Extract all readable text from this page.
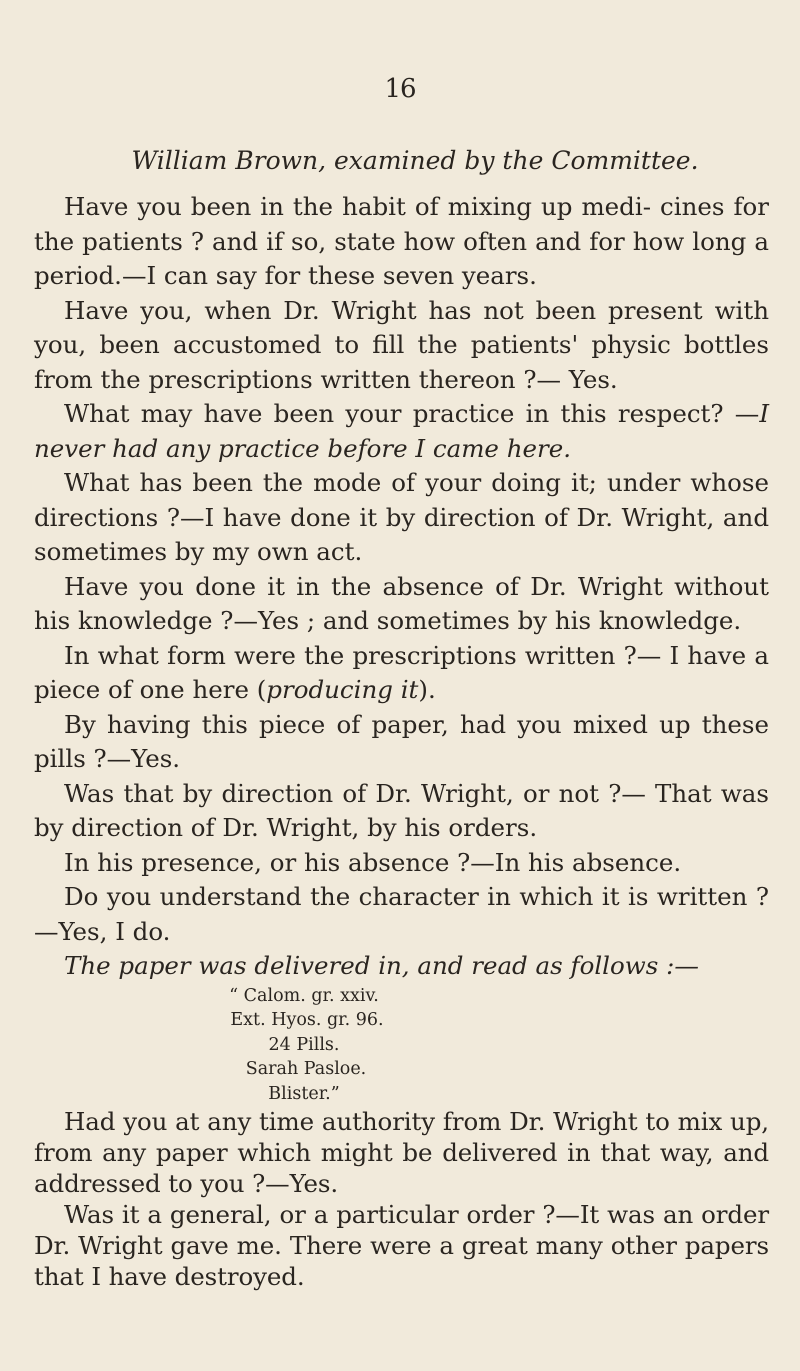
16
William Brown, examined by the Committee.

Have you been in the habit of mixing up medi- cines for the patients ? and if so, state how often and for how long a period.—I can say for these seven years.

Have you, when Dr. Wright has not been present with you, been accustomed to fill the patients' physic bottles from the prescriptions written thereon ?— Yes.

What may have been your practice in this respect? —I never had any practice before I came here.

What has been the mode of your doing it; under whose directions ?—I have done it by direction of Dr. Wright, and sometimes by my own act.

Have you done it in the absence of Dr. Wright without his knowledge ?—Yes ; and sometimes by his knowledge.

In what form were the prescriptions written ?— I have a piece of one here (producing it).

By having this piece of paper, had you mixed up these pills ?—Yes.

Was that by direction of Dr. Wright, or not ?— That was by direction of Dr. Wright, by his orders.

In his presence, or his absence ?—In his absence.

Do you understand the character in which it is written ?—Yes, I do.

The paper was delivered in, and read as follows :—

“ Calom. gr. xxiv.
Ext. Hyos. gr. 96.
24 Pills.
Sarah Pasloe.
Blister.”

Had you at any time authority from Dr. Wright to mix up, from any paper which might be delivered in that way, and addressed to you ?—Yes.

Was it a general, or a particular order ?—It was an order Dr. Wright gave me. There were a great many other papers that I have destroyed.
